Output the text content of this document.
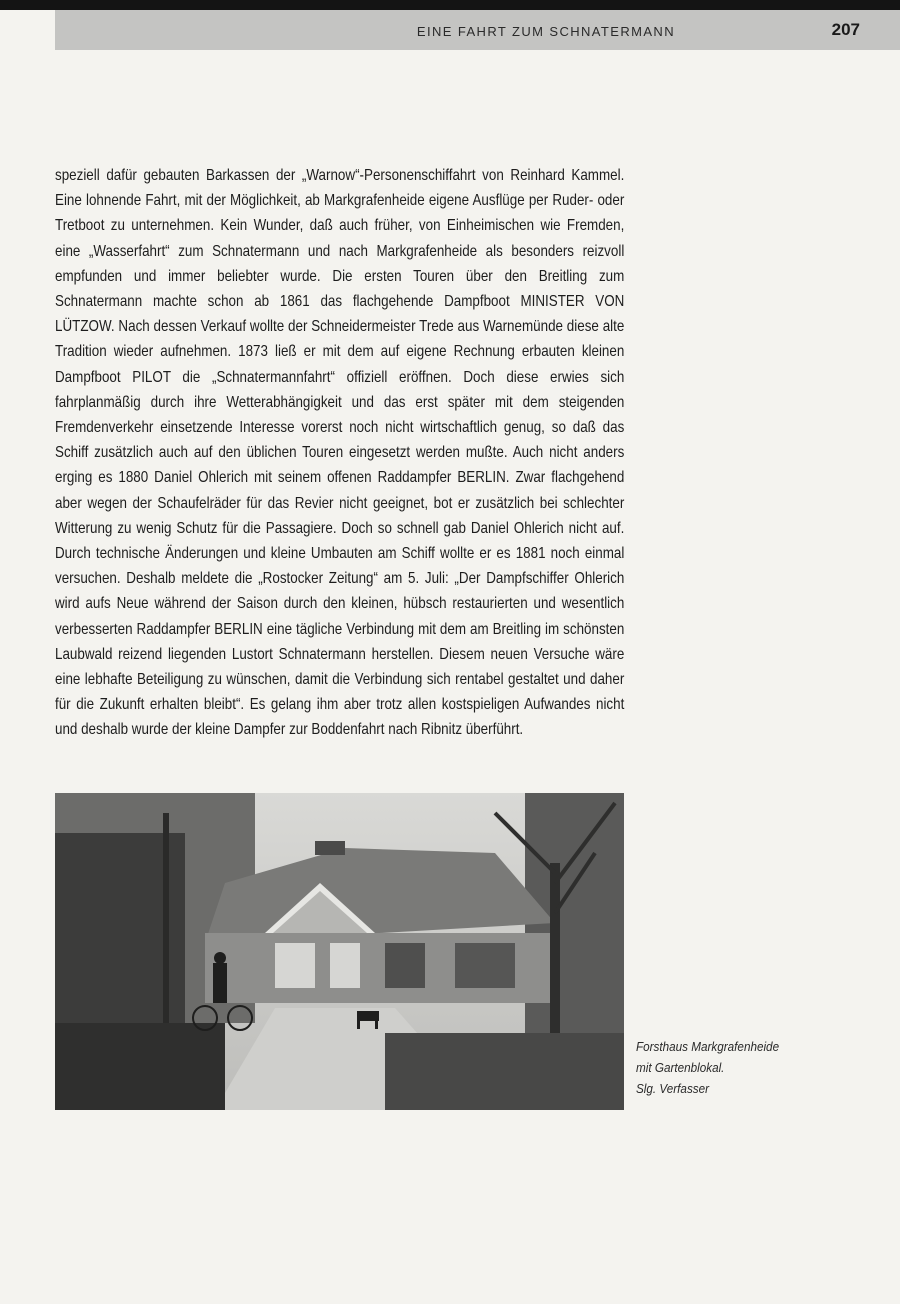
EINE FAHRT ZUM SCHNATERMANN	207

speziell dafür gebauten Barkassen der „Warnow“-Personenschiffahrt von Reinhard Kammel. Eine lohnende Fahrt, mit der Möglichkeit, ab Markgrafenheide eigene Ausflüge per Ruder- oder Tretboot zu unternehmen. Kein Wunder, daß auch früher, von Einheimischen wie Fremden, eine „Wasserfahrt“ zum Schnatermann und nach Markgrafenheide als besonders reizvoll empfunden und immer beliebter wurde. Die ersten Touren über den Breitling zum Schnatermann machte schon ab 1861 das flachgehende Dampfboot MINISTER VON LÜTZOW. Nach dessen Verkauf wollte der Schneidermeister Trede aus Warnemünde diese alte Tradition wieder aufnehmen. 1873 ließ er mit dem auf eigene Rechnung erbauten kleinen Dampfboot PILOT die „Schnatermannfahrt“ offiziell eröffnen. Doch diese erwies sich fahrplanmäßig durch ihre Wetterabhängigkeit und das erst später mit dem steigenden Fremdenverkehr einsetzende Interesse vorerst noch nicht wirtschaftlich genug, so daß das Schiff zusätzlich auch auf den üblichen Touren eingesetzt werden mußte. Auch nicht anders erging es 1880 Daniel Ohlerich mit seinem offenen Raddampfer BERLIN. Zwar flachgehend aber wegen der Schaufelräder für das Revier nicht geeignet, bot er zusätzlich bei schlechter Witterung zu wenig Schutz für die Passagiere. Doch so schnell gab Daniel Ohlerich nicht auf. Durch technische Änderungen und kleine Umbauten am Schiff wollte er es 1881 noch einmal versuchen. Deshalb meldete die „Rostocker Zeitung“ am 5. Juli: „Der Dampfschiffer Ohlerich wird aufs Neue während der Saison durch den kleinen, hübsch restaurierten und wesentlich verbesserten Raddampfer BERLIN eine tägliche Verbindung mit dem am Breitling im schönsten Laubwald reizend liegenden Lustort Schnatermann herstellen. Diesem neuen Versuche wäre eine lebhafte Beteiligung zu wünschen, damit die Verbindung sich rentabel gestaltet und daher für die Zukunft erhalten bleibt“. Es gelang ihm aber trotz allen kostspieligen Aufwandes nicht und deshalb wurde der kleine Dampfer zur Boddenfahrt nach Ribnitz überführt.

Forsthaus Markgrafenheide
mit Gartenblokal.
Slg. Verfasser
